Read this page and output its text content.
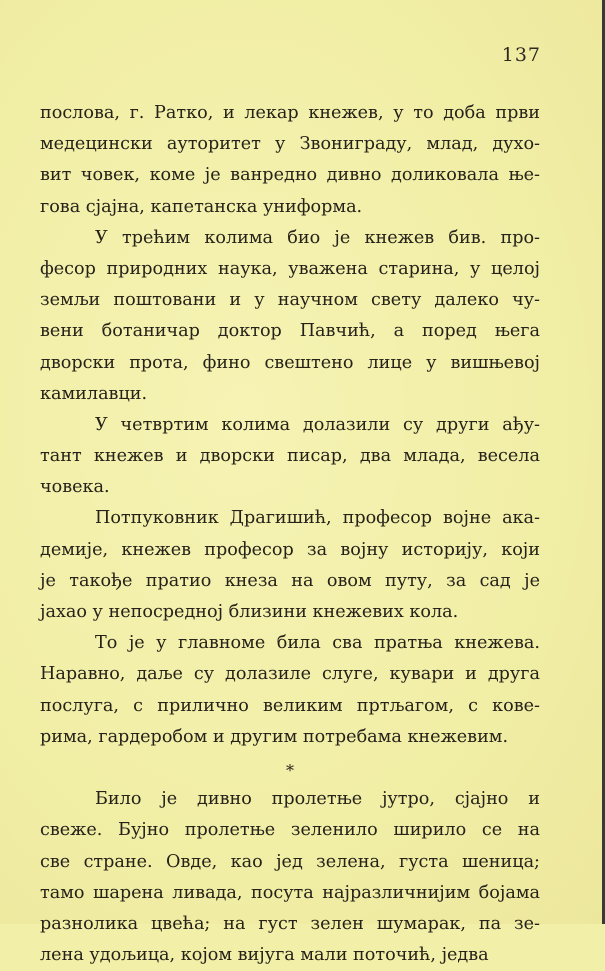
137
послова, г. Ратко, и лекар кнежев, у то доба први
медецински ауторитет у Звониграду, млад, духо-
вит човек, коме је ванредно дивно доликовала ње-
гова сјајна, капетанска униформа.
У трећим колима био је кнежев бив. про-
фесор природних наука, уважена старина, у целој
земљи поштовани и у научном свету далеко чу-
вени ботаничар доктор Павчић, а поред њега
дворски прота, фино свештено лице у вишњевој
камилавци.
У четвртим колима долазили су други ађу-
тант кнежев и дворски писар, два млада, весела
човека.
Потпуковник Драгишић, професор војне ака-
демије, кнежев професор за војну историју, који
је такође пратио кнеза на овом путу, за сад је
јахао у непосредној близини кнежевих кола.
То је у главноме била сва пратња кнежева.
Наравно, даље су долазиле слуге, кувари и друга
послуга, с прилично великим пртљагом, с кове-
рима, гардеробом и другим потребама кнежевим.
*
Било је дивно пролетње јутро, сјајно и
свеже. Бујно пролетње зеленило ширило се на
све стране. Овде, као јед зелена, густа шеница;
тамо шарена ливада, посута најразличнијим бојама
разнолика цвећа; на густ зелен шумарак, па зе-
лена удољица, којом вијуга мали поточић, једва
